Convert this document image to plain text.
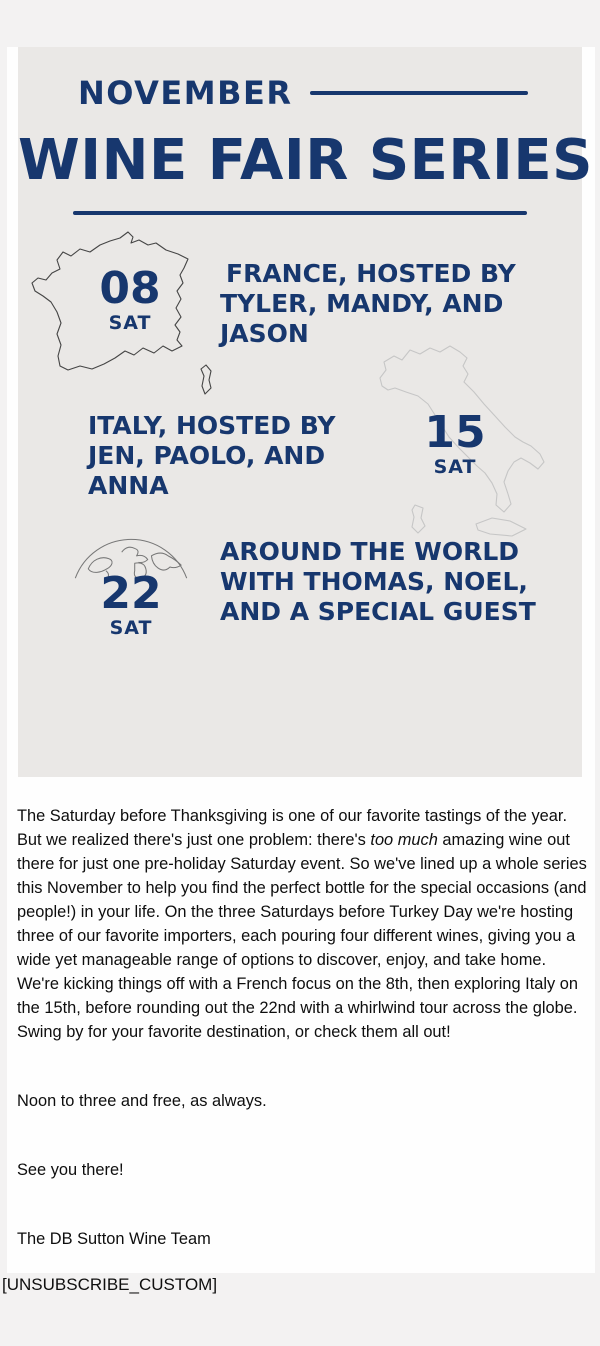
NOVEMBER
WINE FAIR SERIES
08
SAT
FRANCE, HOSTED BY
TYLER, MANDY, AND
JASON
ITALY, HOSTED BY
JEN, PAOLO, AND
ANNA
15
SAT
22
SAT
AROUND THE WORLD
WITH THOMAS, NOEL,
AND A SPECIAL GUEST

The Saturday before Thanksgiving is one of our favorite tastings of the year. But we realized there's just one problem: there's too much amazing wine out there for just one pre-holiday Saturday event. So we've lined up a whole series this November to help you find the perfect bottle for the special occasions (and people!) in your life. On the three Saturdays before Turkey Day we're hosting three of our favorite importers, each pouring four different wines, giving you a wide yet manageable range of options to discover, enjoy, and take home. We're kicking things off with a French focus on the 8th, then exploring Italy on the 15th, before rounding out the 22nd with a whirlwind tour across the globe. Swing by for your favorite destination, or check them all out!

Noon to three and free, as always.

See you there!

The DB Sutton Wine Team

[UNSUBSCRIBE_CUSTOM]
